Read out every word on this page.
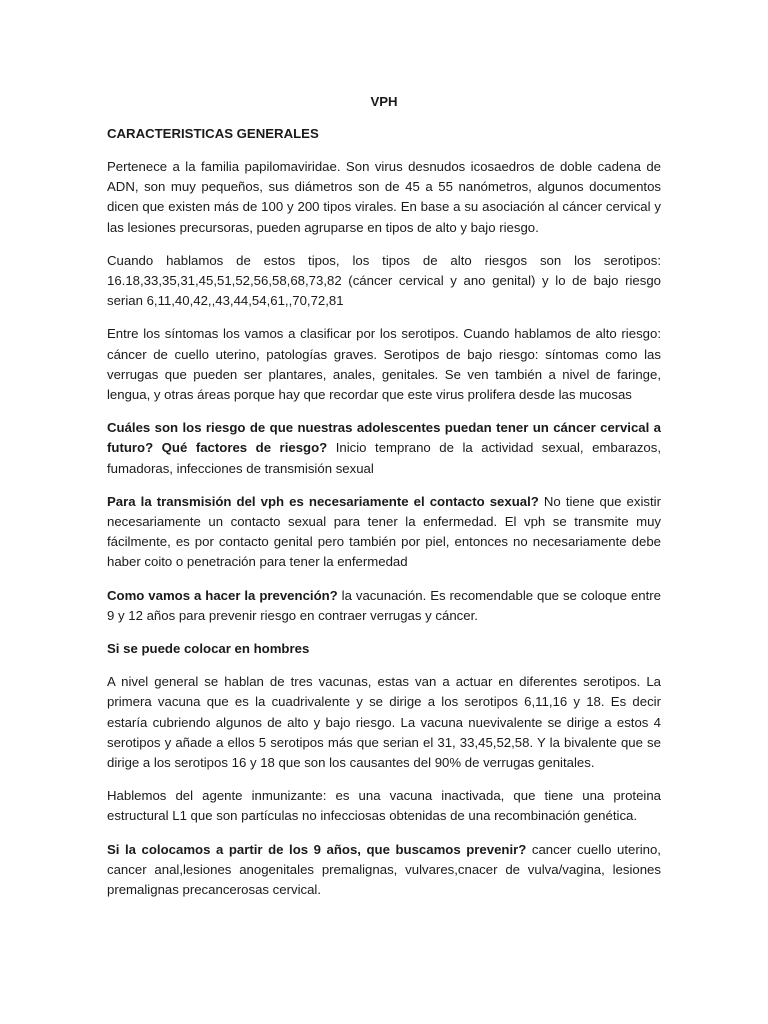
VPH
CARACTERISTICAS GENERALES

Pertenece a la familia papilomaviridae. Son virus desnudos icosaedros de doble cadena de ADN, son muy pequeños, sus diámetros son de 45 a 55 nanómetros, algunos documentos dicen que existen más de 100 y 200 tipos virales. En base a su asociación al cáncer cervical y las lesiones precursoras, pueden agruparse en tipos de alto y bajo riesgo.

Cuando hablamos de estos tipos, los tipos de alto riesgos son los serotipos: 16.18,33,35,31,45,51,52,56,58,68,73,82 (cáncer cervical y ano genital) y lo de bajo riesgo serian 6,11,40,42,,43,44,54,61,,70,72,81

Entre los síntomas los vamos a clasificar por los serotipos. Cuando hablamos de alto riesgo: cáncer de cuello uterino, patologías graves. Serotipos de bajo riesgo: síntomas como las verrugas que pueden ser plantares, anales, genitales. Se ven también a nivel de faringe, lengua, y otras áreas porque hay que recordar que este virus prolifera desde las mucosas

Cuáles son los riesgo de que nuestras adolescentes puedan tener un cáncer cervical a futuro? Qué factores de riesgo? Inicio temprano de la actividad sexual, embarazos, fumadoras, infecciones de transmisión sexual

Para la transmisión del vph es necesariamente el contacto sexual? No tiene que existir necesariamente un contacto sexual para tener la enfermedad. El vph se transmite muy fácilmente, es por contacto genital pero también por piel, entonces no necesariamente debe haber coito o penetración para tener la enfermedad

Como vamos a hacer la prevención? la vacunación. Es recomendable que se coloque entre 9 y 12 años para prevenir riesgo en contraer verrugas y cáncer.

Si se puede colocar en hombres

A nivel general se hablan de tres vacunas, estas van a actuar en diferentes serotipos. La primera vacuna que es la cuadrivalente y se dirige a los serotipos 6,11,16 y 18. Es decir estaría cubriendo algunos de alto y bajo riesgo. La vacuna nuevivalente se dirige a estos 4 serotipos y añade a ellos 5 serotipos más que serian el 31, 33,45,52,58. Y la bivalente que se dirige a los serotipos 16 y 18 que son los causantes del 90% de verrugas genitales.

Hablemos del agente inmunizante: es una vacuna inactivada, que tiene una proteina estructural L1 que son partículas no infecciosas obtenidas de una recombinación genética.

Si la colocamos a partir de los 9 años, que buscamos prevenir? cancer cuello uterino, cancer anal,lesiones anogenitales premalignas, vulvares,cnacer de vulva/vagina, lesiones premalignas precancerosas cervical.
